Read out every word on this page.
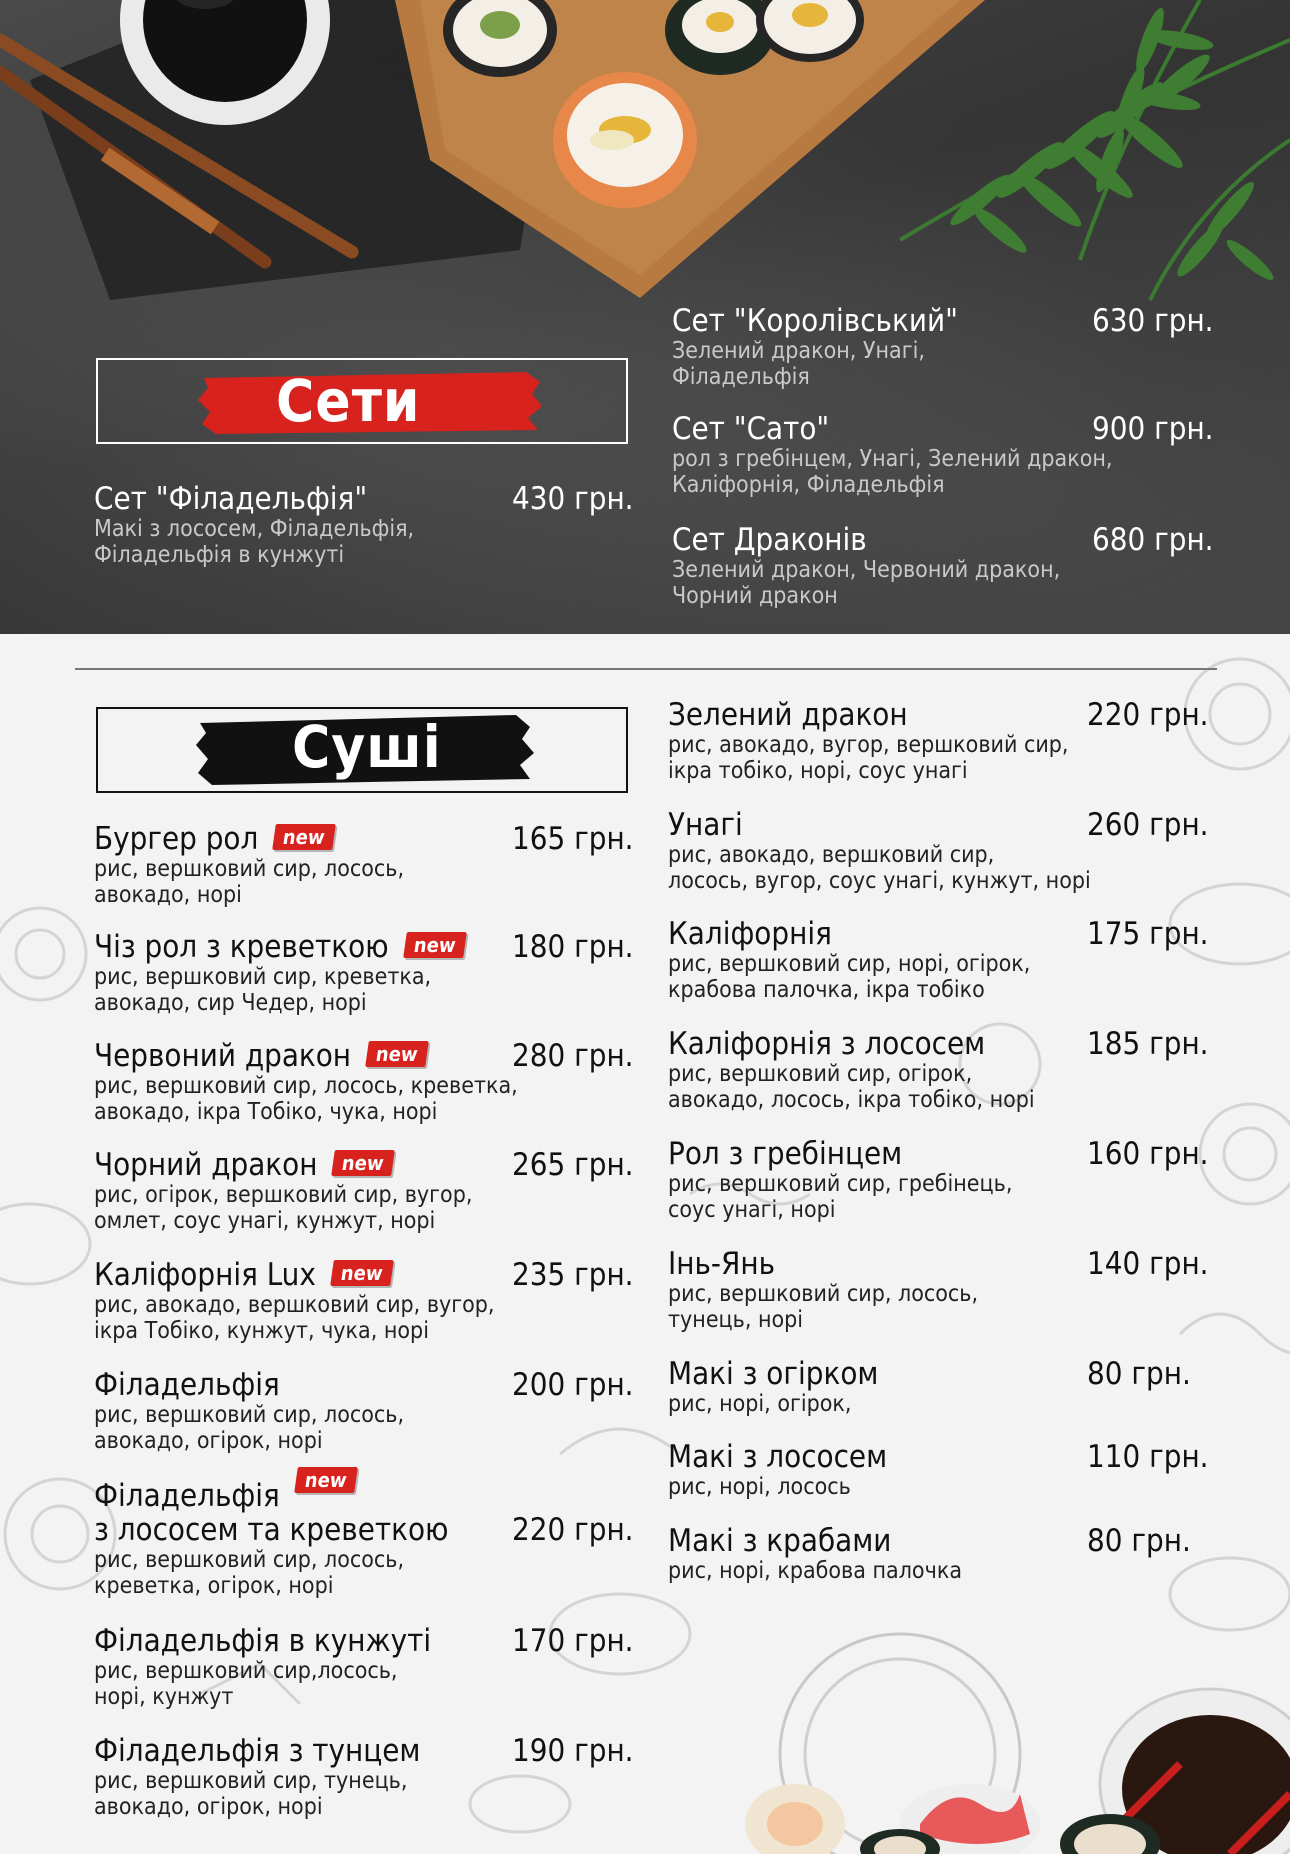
Сети
Сет "Філадельфія"
Макі з лососем, Філадельфія,
Філадельфія в кунжуті
430 грн.
Сет "Королівський"
Зелений дракон, Унагі,
Філадельфія
630 грн.
Сет "Сато"
рол з гребінцем, Унагі, Зелений дракон,
Каліфорнія, Філадельфія
900 грн.
Сет Драконів
Зелений дракон, Червоний дракон,
Чорний дракон
680 грн.
Суші
Бургер рол new
рис, вершковий сир, лосось,
авокадо, норі
165 грн.
Чіз рол з креветкою new
рис, вершковий сир, креветка,
авокадо, сир Чедер, норі
180 грн.
Червоний дракон new
рис, вершковий сир, лосось, креветка,
авокадо, ікра Тобіко, чука, норі
280 грн.
Чорний дракон new
рис, огірок, вершковий сир, вугор,
омлет, соус унагі, кунжут, норі
265 грн.
Каліфорнія Lux new
рис, авокадо, вершковий сир, вугор,
ікра Тобіко, кунжут, чука, норі
235 грн.
Філадельфія
рис, вершковий сир, лосось,
авокадо, огірок, норі
200 грн.
Філадельфія new
з лососем та креветкою
рис, вершковий сир, лосось,
креветка, огірок, норі
220 грн.
Філадельфія в кунжуті
рис, вершковий сир,лосось,
норі, кунжут
170 грн.
Філадельфія з тунцем
рис, вершковий сир, тунець,
авокадо, огірок, норі
190 грн.
Зелений дракон
рис, авокадо, вугор, вершковий сир,
ікра тобіко, норі, соус унагі
220 грн.
Унагі
рис, авокадо, вершковий сир,
лосось, вугор, соус унагі, кунжут, норі
260 грн.
Каліфорнія
рис, вершковий сир, норі, огірок,
крабова палочка, ікра тобіко
175 грн.
Каліфорнія з лососем
рис, вершковий сир, огірок,
авокадо, лосось, ікра тобіко, норі
185 грн.
Рол з гребінцем
рис, вершковий сир, гребінець,
соус унагі, норі
160 грн.
Інь-Янь
рис, вершковий сир, лосось,
тунець, норі
140 грн.
Макі з огірком
рис, норі, огірок,
80 грн.
Макі з лососем
рис, норі, лосось
110 грн.
Макі з крабами
рис, норі, крабова палочка
80 грн.
